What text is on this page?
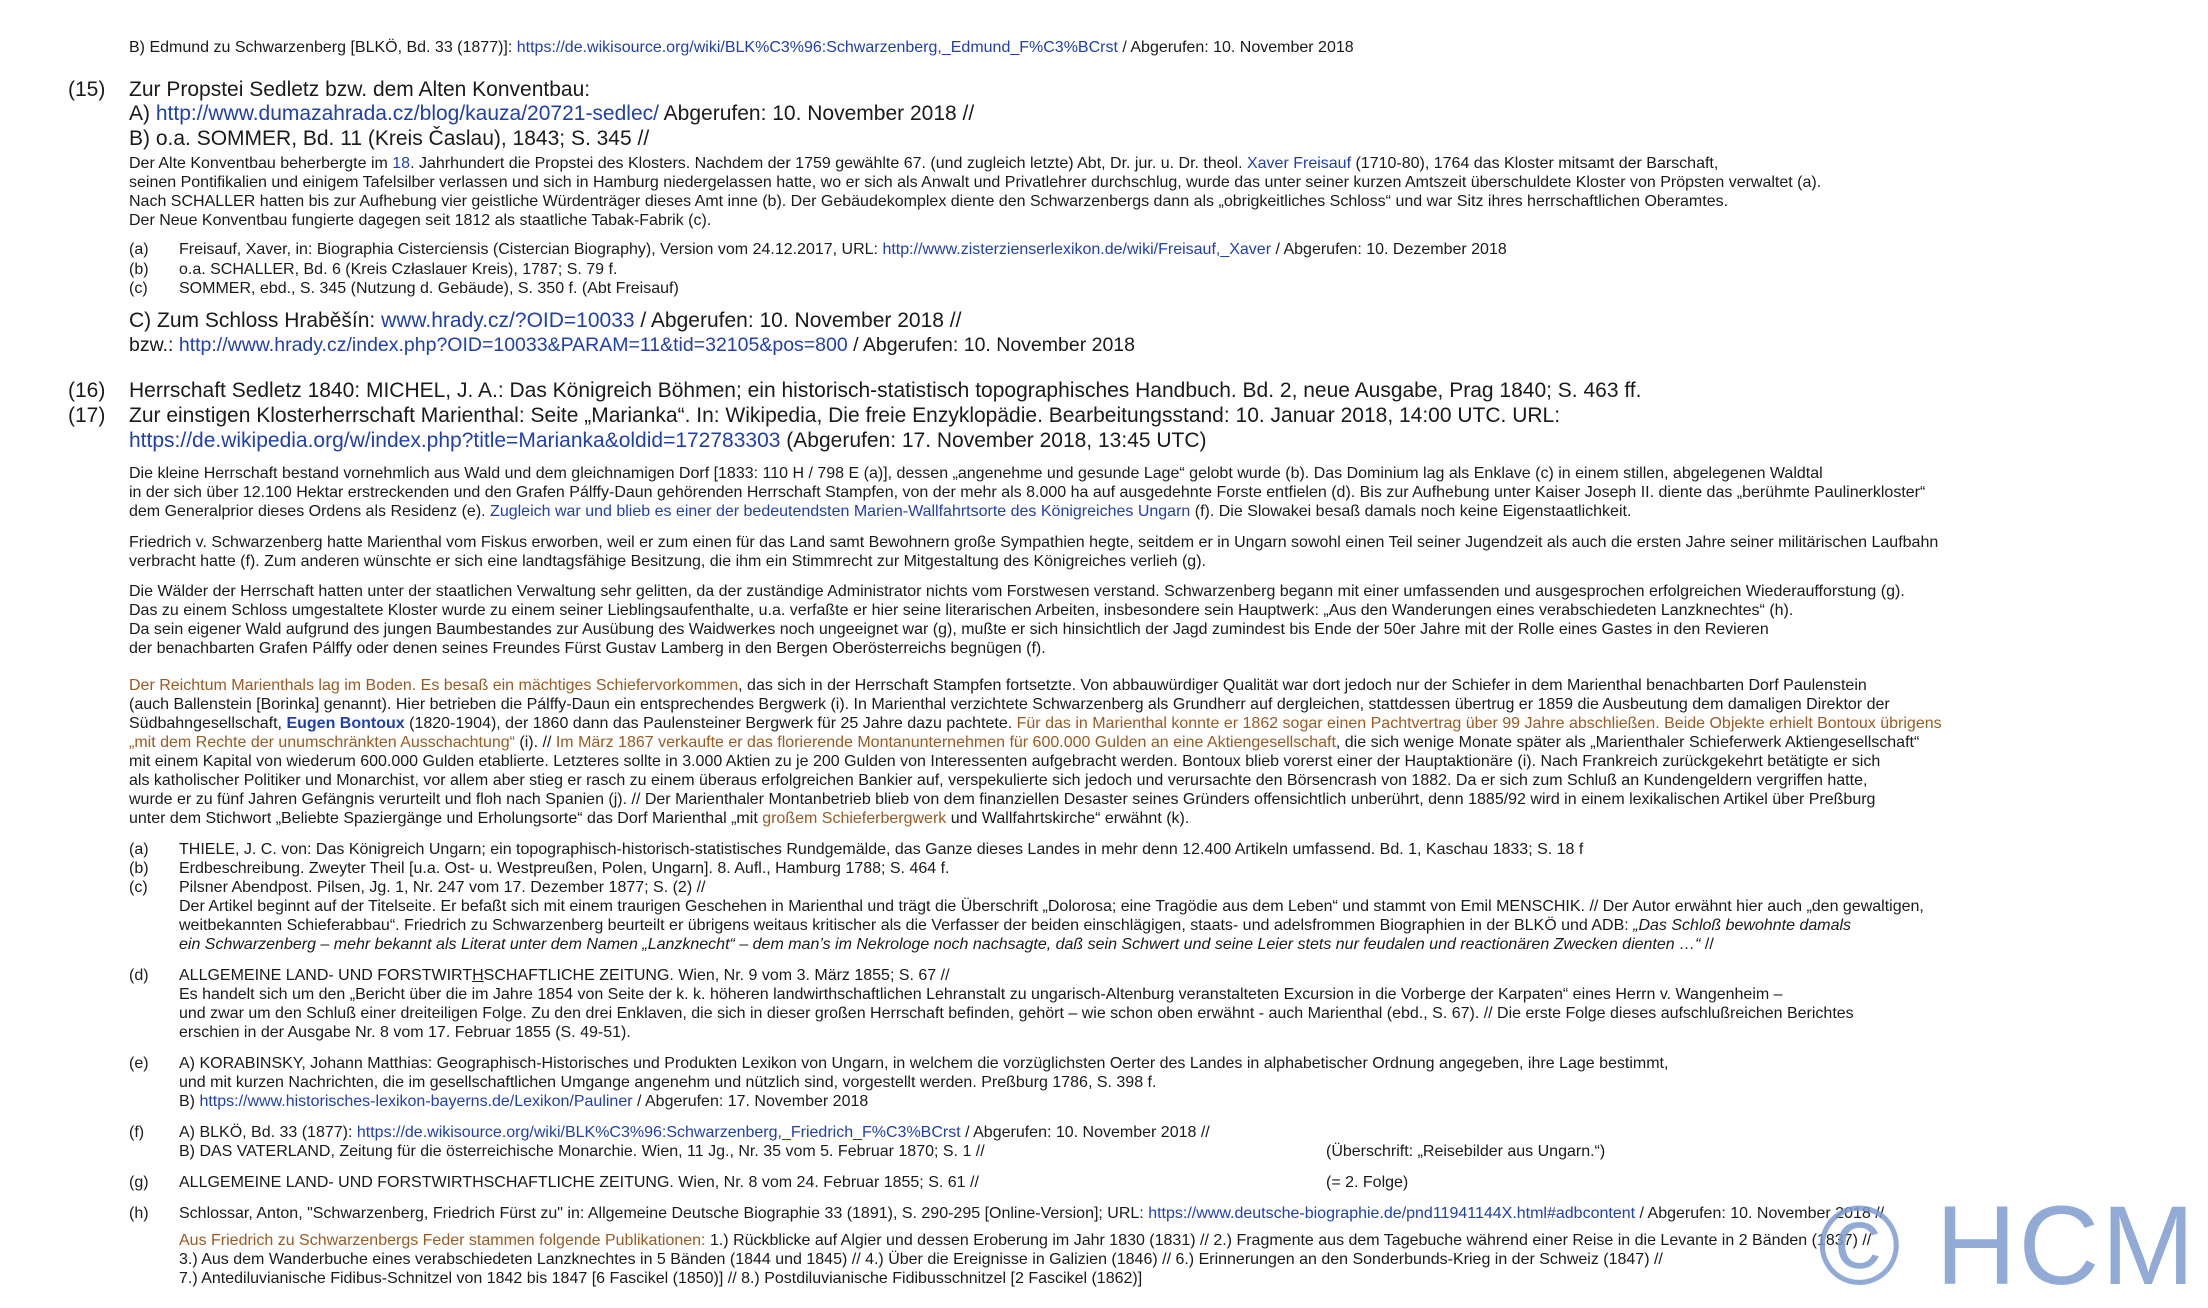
B) Edmund zu Schwarzenberg [BLKÖ, Bd. 33 (1877)]: https://de.wikisource.org/wiki/BLK%C3%96:Schwarzenberg,_Edmund_F%C3%BCrst / Abgerufen: 10. November 2018
(15) Zur Propstei Sedletz bzw. dem Alten Konventbau:
A) http://www.dumazahrada.cz/blog/kauza/20721-sedlec/ Abgerufen: 10. November 2018 //
B) o.a. SOMMER, Bd. 11 (Kreis Časlau), 1843; S. 345 //
Der Alte Konventbau beherbergte im 18. Jahrhundert die Propstei des Klosters. Nachdem der 1759 gewählte 67. (und zugleich letzte) Abt, Dr. jur. u. Dr. theol. Xaver Freisauf (1710-80), 1764 das Kloster mitsamt der Barschaft,
seinen Pontifikalien und einigem Tafelsilber verlassen und sich in Hamburg niedergelassen hatte, wo er sich als Anwalt und Privatlehrer durchschlug, wurde das unter seiner kurzen Amtszeit überschuldete Kloster von Pröpsten verwaltet (a).
Nach SCHALLER hatten bis zur Aufhebung vier geistliche Würdenträger dieses Amt inne (b). Der Gebäudekomplex diente den Schwarzenbergs dann als „obrigkeitliches Schloss“ und war Sitz ihres herrschaftlichen Oberamtes.
Der Neue Konventbau fungierte dagegen seit 1812 als staatliche Tabak-Fabrik (c).
(a) Freisauf, Xaver, in: Biographia Cisterciensis (Cistercian Biography), Version vom 24.12.2017, URL: http://www.zisterzienserlexikon.de/wiki/Freisauf,_Xaver / Abgerufen: 10. Dezember 2018
(b) o.a. SCHALLER, Bd. 6 (Kreis Człaslauer Kreis), 1787; S. 79 f.
(c) SOMMER, ebd., S. 345 (Nutzung d. Gebäude), S. 350 f. (Abt Freisauf)
C) Zum Schloss Hraběšín: www.hrady.cz/?OID=10033 / Abgerufen: 10. November 2018 //
bzw.: http://www.hrady.cz/index.php?OID=10033&PARAM=11&tid=32105&pos=800 / Abgerufen: 10. November 2018
(16) Herrschaft Sedletz 1840: MICHEL, J. A.: Das Königreich Böhmen; ein historisch-statistisch topographisches Handbuch. Bd. 2, neue Ausgabe, Prag 1840; S. 463 ff.
(17) Zur einstigen Klosterherrschaft Marienthal: Seite „Marianka“. In: Wikipedia, Die freie Enzyklopädie. Bearbeitungsstand: 10. Januar 2018, 14:00 UTC. URL:
https://de.wikipedia.org/w/index.php?title=Marianka&oldid=172783303 (Abgerufen: 17. November 2018, 13:45 UTC)
Die kleine Herrschaft bestand vornehmlich aus Wald und dem gleichnamigen Dorf [1833: 110 H / 798 E (a)], dessen „angenehme und gesunde Lage“ gelobt wurde (b). Das Dominium lag als Enklave (c) in einem stillen, abgelegenen Waldtal
in der sich über 12.100 Hektar erstreckenden und den Grafen Pálffy-Daun gehörenden Herrschaft Stampfen, von der mehr als 8.000 ha auf ausgedehnte Forste entfielen (d). Bis zur Aufhebung unter Kaiser Joseph II. diente das „berühmte Paulinerkloster“
dem Generalprior dieses Ordens als Residenz (e). Zugleich war und blieb es einer der bedeutendsten Marien-Wallfahrtsorte des Königreiches Ungarn (f). Die Slowakei besaß damals noch keine Eigenstaatlichkeit.
Friedrich v. Schwarzenberg hatte Marienthal vom Fiskus erworben, weil er zum einen für das Land samt Bewohnern große Sympathien hegte, seitdem er in Ungarn sowohl einen Teil seiner Jugendzeit als auch die ersten Jahre seiner militärischen Laufbahn
verbracht hatte (f). Zum anderen wünschte er sich eine landtagsfähige Besitzung, die ihm ein Stimmrecht zur Mitgestaltung des Königreiches verlieh (g).
Die Wälder der Herrschaft hatten unter der staatlichen Verwaltung sehr gelitten, da der zuständige Administrator nichts vom Forstwesen verstand. Schwarzenberg begann mit einer umfassenden und ausgesprochen erfolgreichen Wiederaufforstung (g).
Das zu einem Schloss umgestaltete Kloster wurde zu einem seiner Lieblingsaufenthalte, u.a. verfaßte er hier seine literarischen Arbeiten, insbesondere sein Hauptwerk: „Aus den Wanderungen eines verabschiedeten Lanzknechtes“ (h).
Da sein eigener Wald aufgrund des jungen Baumbestandes zur Ausübung des Waidwerkes noch ungeeignet war (g), mußte er sich hinsichtlich der Jagd zumindest bis Ende der 50er Jahre mit der Rolle eines Gastes in den Revieren
der benachbarten Grafen Pálffy oder denen seines Freundes Fürst Gustav Lamberg in den Bergen Oberösterreichs begnügen (f).
Der Reichtum Marienthals lag im Boden. Es besaß ein mächtiges Schiefervorkommen, das sich in der Herrschaft Stampfen fortsetzte. Von abbauwürdiger Qualität war dort jedoch nur der Schiefer in dem Marienthal benachbarten Dorf Paulenstein
(auch Ballenstein [Borinka] genannt). Hier betrieben die Pálffy-Daun ein entsprechendes Bergwerk (i). In Marienthal verzichtete Schwarzenberg als Grundherr auf dergleichen, stattdessen übertrug er 1859 die Ausbeutung dem damaligen Direktor der
Südbahngesellschaft, Eugen Bontoux (1820-1904), der 1860 dann das Paulensteiner Bergwerk für 25 Jahre dazu pachtete. Für das in Marienthal konnte er 1862 sogar einen Pachtvertrag über 99 Jahre abschließen. Beide Objekte erhielt Bontoux übrigens
„mit dem Rechte der unumschränkten Ausschachtung“ (i). // Im März 1867 verkaufte er das florierende Montanunternehmen für 600.000 Gulden an eine Aktiengesellschaft, die sich wenige Monate später als „Marienthaler Schieferwerk Aktiengesellschaft“
mit einem Kapital von wiederum 600.000 Gulden etablierte. Letzteres sollte in 3.000 Aktien zu je 200 Gulden von Interessenten aufgebracht werden. Bontoux blieb vorerst einer der Hauptaktionäre (i). Nach Frankreich zurückgekehrt betätigte er sich
als katholischer Politiker und Monarchist, vor allem aber stieg er rasch zu einem überaus erfolgreichen Bankier auf, verspekulierte sich jedoch und verursachte den Börsencrash von 1882. Da er sich zum Schluß an Kundengeldern vergriffen hatte,
wurde er zu fünf Jahren Gefängnis verurteilt und floh nach Spanien (j). // Der Marienthaler Montanbetrieb blieb von dem finanziellen Desaster seines Gründers offensichtlich unberührt, denn 1885/92 wird in einem lexikalischen Artikel über Preßburg
unter dem Stichwort „Beliebte Spaziergänge und Erholungsorte“ das Dorf Marienthal „mit großem Schieferbergwerk und Wallfahrtskirche“ erwähnt (k).
(a) THIELE, J. C. von: Das Königreich Ungarn; ein topographisch-historisch-statistisches Rundgemälde, das Ganze dieses Landes in mehr denn 12.400 Artikeln umfassend. Bd. 1, Kaschau 1833; S. 18 f
(b) Erdbeschreibung. Zweyter Theil [u.a. Ost- u. Westpreußen, Polen, Ungarn]. 8. Aufl., Hamburg 1788; S. 464 f.
(c) Pilsner Abendpost. Pilsen, Jg. 1, Nr. 247 vom 17. Dezember 1877; S. (2) //
Der Artikel beginnt auf der Titelseite. Er befaßt sich mit einem traurigen Geschehen in Marienthal und trägt die Überschrift „Dolorosa; eine Tragödie aus dem Leben“ und stammt von Emil MENSCHIK. // Der Autor erwähnt hier auch „den gewaltigen,
weitbekannten Schieferabbau“. Friedrich zu Schwarzenberg beurteilt er übrigens weitaus kritischer als die Verfasser der beiden einschlägigen, staats- und adelsfrommen Biographien in der BLKÖ und ADB: „Das Schloß bewohnte damals
ein Schwarzenberg – mehr bekannt als Literat unter dem Namen „Lanzknecht“ – dem man’s im Nekrologe noch nachsagte, daß sein Schwert und seine Leier stets nur feudalen und reactionären Zwecken dienten …“ //
(d) ALLGEMEINE LAND- UND FORSTWIRTHSCHAFTLICHE ZEITUNG. Wien, Nr. 9 vom 3. März 1855; S. 67 //
Es handelt sich um den „Bericht über die im Jahre 1854 von Seite der k. k. höheren landwirthschaftlichen Lehranstalt zu ungarisch-Altenburg veranstalteten Excursion in die Vorberge der Karpaten“ eines Herrn v. Wangenheim –
und zwar um den Schluß einer dreiteiligen Folge. Zu den drei Enklaven, die sich in dieser großen Herrschaft befinden, gehört – wie schon oben erwähnt - auch Marienthal (ebd., S. 67). // Die erste Folge dieses aufschlußreichen Berichtes
erschien in der Ausgabe Nr. 8 vom 17. Februar 1855 (S. 49-51).
(e) A) KORABINSKY, Johann Matthias: Geographisch-Historisches und Produkten Lexikon von Ungarn, in welchem die vorzüglichsten Oerter des Landes in alphabetischer Ordnung angegeben, ihre Lage bestimmt,
und mit kurzen Nachrichten, die im gesellschaftlichen Umgange angenehm und nützlich sind, vorgestellt werden. Preßburg 1786, S. 398 f.
B) https://www.historisches-lexikon-bayerns.de/Lexikon/Pauliner / Abgerufen: 17. November 2018
(f) A) BLKÖ, Bd. 33 (1877): https://de.wikisource.org/wiki/BLK%C3%96:Schwarzenberg,_Friedrich_F%C3%BCrst / Abgerufen: 10. November 2018 //
B) DAS VATERLAND, Zeitung für die österreichische Monarchie. Wien, 11 Jg., Nr. 35 vom 5. Februar 1870; S. 1 //	(Überschrift: „Reisebilder aus Ungarn.“)
(g) ALLGEMEINE LAND- UND FORSTWIRTHSCHAFTLICHE ZEITUNG. Wien, Nr. 8 vom 24. Februar 1855; S. 61 //	(= 2. Folge)
(h) Schlossar, Anton, "Schwarzenberg, Friedrich Fürst zu" in: Allgemeine Deutsche Biographie 33 (1891), S. 290-295 [Online-Version]; URL: https://www.deutsche-biographie.de/pnd11941144X.html#adbcontent / Abgerufen: 10. November 2018 //
Aus Friedrich zu Schwarzenbergs Feder stammen folgende Publikationen: 1.) Rückblicke auf Algier und dessen Eroberung im Jahr 1830 (1831) // 2.) Fragmente aus dem Tagebuche während einer Reise in die Levante in 2 Bänden (1837) //
3.) Aus dem Wanderbuche eines verabschiedeten Lanzknechtes in 5 Bänden (1844 und 1845) // 4.) Über die Ereignisse in Galizien (1846) // 6.) Erinnerungen an den Sonderbunds-Krieg in der Schweiz (1847) //
7.) Antediluvianische Fidibus-Schnitzel von 1842 bis 1847 [6 Fascikel (1850)] // 8.) Postdiluvianische Fidibusschnitzel [2 Fascikel (1862)]	© HCM
